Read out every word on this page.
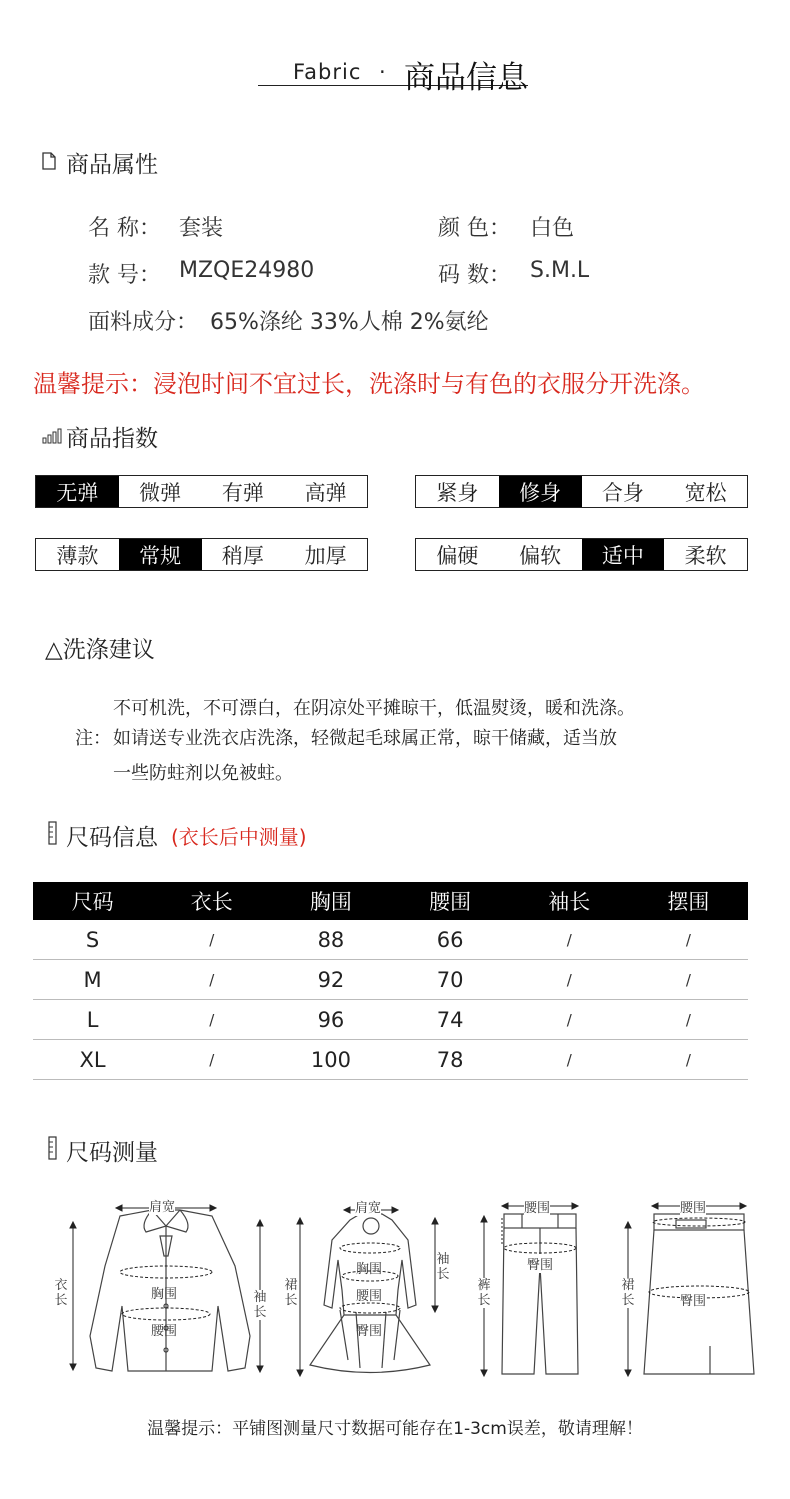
Fabric · 商品信息
商品属性
名 称： 套装	颜 色： 白色
款 号： MZQE24980	码 数： S.M.L
面料成分： 65%涤纶 33%人棉 2%氨纶
温馨提示：浸泡时间不宜过长，洗涤时与有色的衣服分开洗涤。
商品指数
无弹	微弹	有弹	高弹	紧身	修身	合身	宽松
薄款	常规	稍厚	加厚	偏硬	偏软	适中	柔软
△洗涤建议
不可机洗，不可漂白，在阴凉处平摊晾干，低温熨烫，暖和洗涤。
注： 如请送专业洗衣店洗涤，轻微起毛球属正常，晾干储藏，适当放
一些防蛀剂以免被蛀。
尺码信息 (衣长后中测量)
尺码	衣长	胸围	腰围	袖长	摆围
S	/	88	66	/	/
M	/	92	70	/	/
L	/	96	74	/	/
XL	/	100	78	/	/
尺码测量
肩宽
衣长	袖长
胸围
腰围
肩宽
裙长
袖长
胸围
腰围
臀围
腰围
裤长
臀围
腰围
裙长	臀围
温馨提示：平铺图测量尺寸数据可能存在1-3cm误差，敬请理解！
